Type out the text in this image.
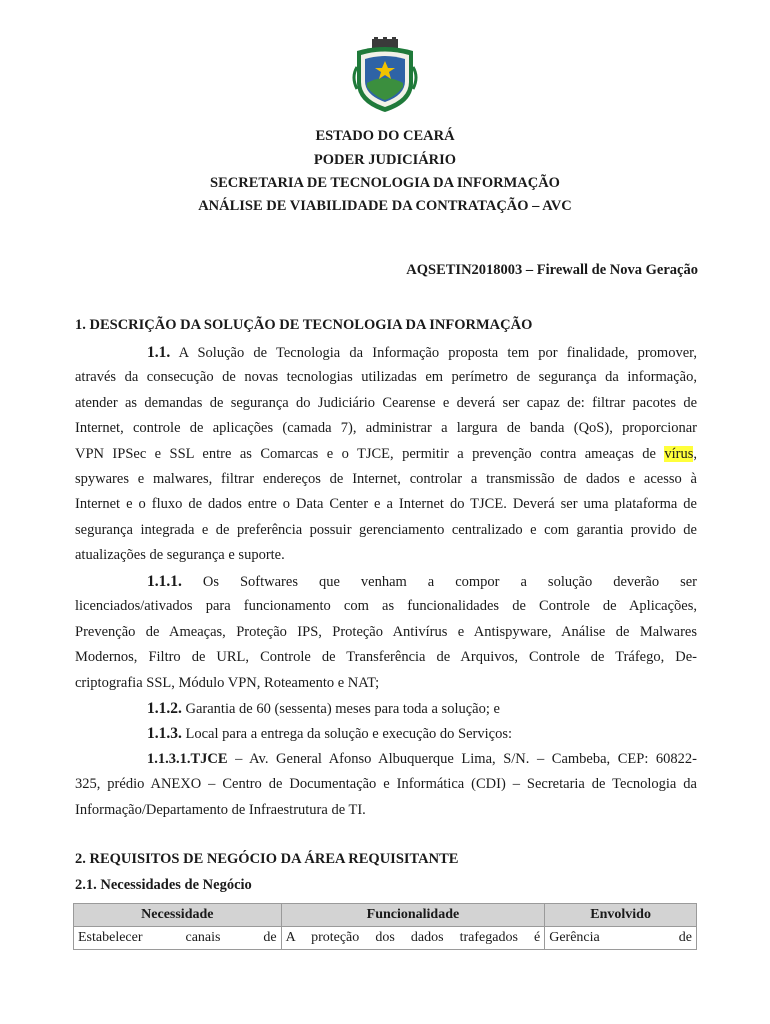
ESTADO DO CEARÁ
PODER JUDICIÁRIO
SECRETARIA DE TECNOLOGIA DA INFORMAÇÃO
ANÁLISE DE VIABILIDADE DA CONTRATAÇÃO – AVC
AQSETIN2018003 – Firewall de Nova Geração
1. DESCRIÇÃO DA SOLUÇÃO DE TECNOLOGIA DA INFORMAÇÃO
1.1. A Solução de Tecnologia da Informação proposta tem por finalidade, promover,
através da consecução de novas tecnologias utilizadas em perímetro de segurança da informação,
atender as demandas de segurança do Judiciário Cearense e deverá ser capaz de: filtrar pacotes de
Internet, controle de aplicações (camada 7), administrar a largura de banda (QoS), proporcionar
VPN IPSec e SSL entre as Comarcas e o TJCE, permitir a prevenção contra ameaças de vírus,
spywares e malwares, filtrar endereços de Internet, controlar a transmissão de dados e acesso à
Internet e o fluxo de dados entre o Data Center e a Internet do TJCE. Deverá ser uma plataforma de
segurança integrada e de preferência possuir gerenciamento centralizado e com garantia provido de
atualizações de segurança e suporte.
1.1.1. Os Softwares que venham a compor a solução deverão ser
licenciados/ativados para funcionamento com as funcionalidades de Controle de Aplicações,
Prevenção de Ameaças, Proteção IPS, Proteção Antivírus e Antispyware, Análise de Malwares
Modernos, Filtro de URL, Controle de Transferência de Arquivos, Controle de Tráfego, De-
criptografia SSL, Módulo VPN, Roteamento e NAT;
1.1.2. Garantia de 60 (sessenta) meses para toda a solução; e
1.1.3. Local para a entrega da solução e execução do Serviços:
1.1.3.1.TJCE – Av. General Afonso Albuquerque Lima, S/N. – Cambeba, CEP: 60822-
325, prédio ANEXO – Centro de Documentação e Informática (CDI) – Secretaria de Tecnologia da
Informação/Departamento de Infraestrutura de TI.
2. REQUISITOS DE NEGÓCIO DA ÁREA REQUISITANTE
2.1. Necessidades de Negócio
Necessidade	Funcionalidade	Envolvido
Estabelecer canais de	A proteção dos dados trafegados é	Gerência de
